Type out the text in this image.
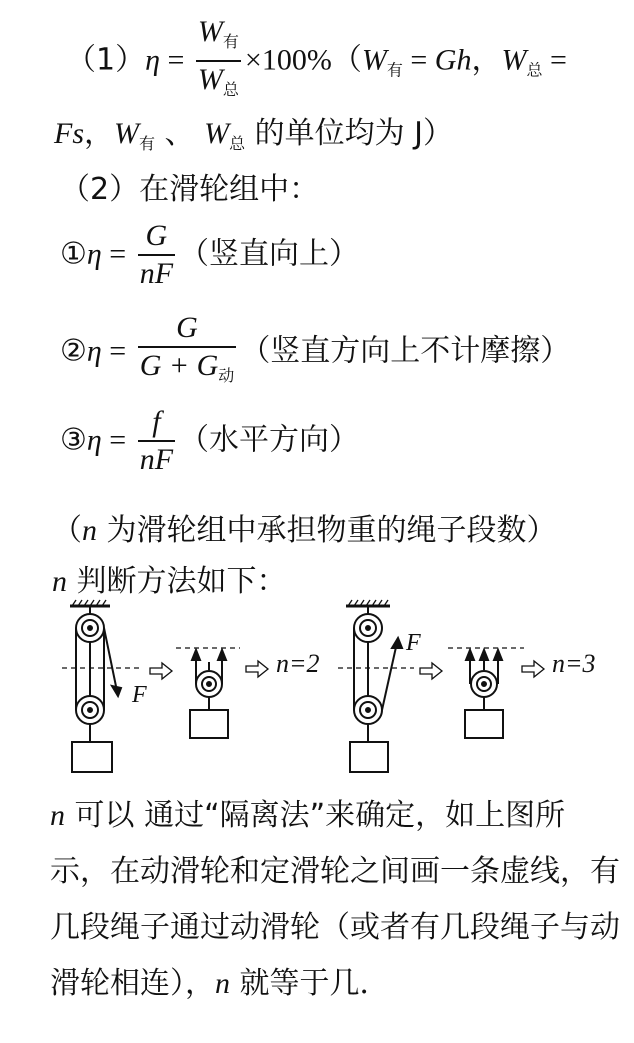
$(1)\eta = \frac{W_有}{W_总} \times 100\%(W_有 = Gh$，$W_总$ =
Fs，$W_有$ 、 $W_总$ 的单位均为 J）
（2）在滑轮组中：
①η = $\frac{G}{nF}$ （竖直向上）
②η = $\frac{G}{G + G_动}$ （竖直方向上不计摩擦）
③η = $\frac{f}{nF}$ （水平方向）
（n 为滑轮组中承担物重的绳子段数）
n 判断方法如下：
F
n=2
F
n=3
n 可以 通过“隔离法”来确定，如上图所示，在动滑轮和定滑轮之间画一条虚线，有几段绳子通过动滑轮（或者有几段绳子与动滑轮相连），n 就等于几．
